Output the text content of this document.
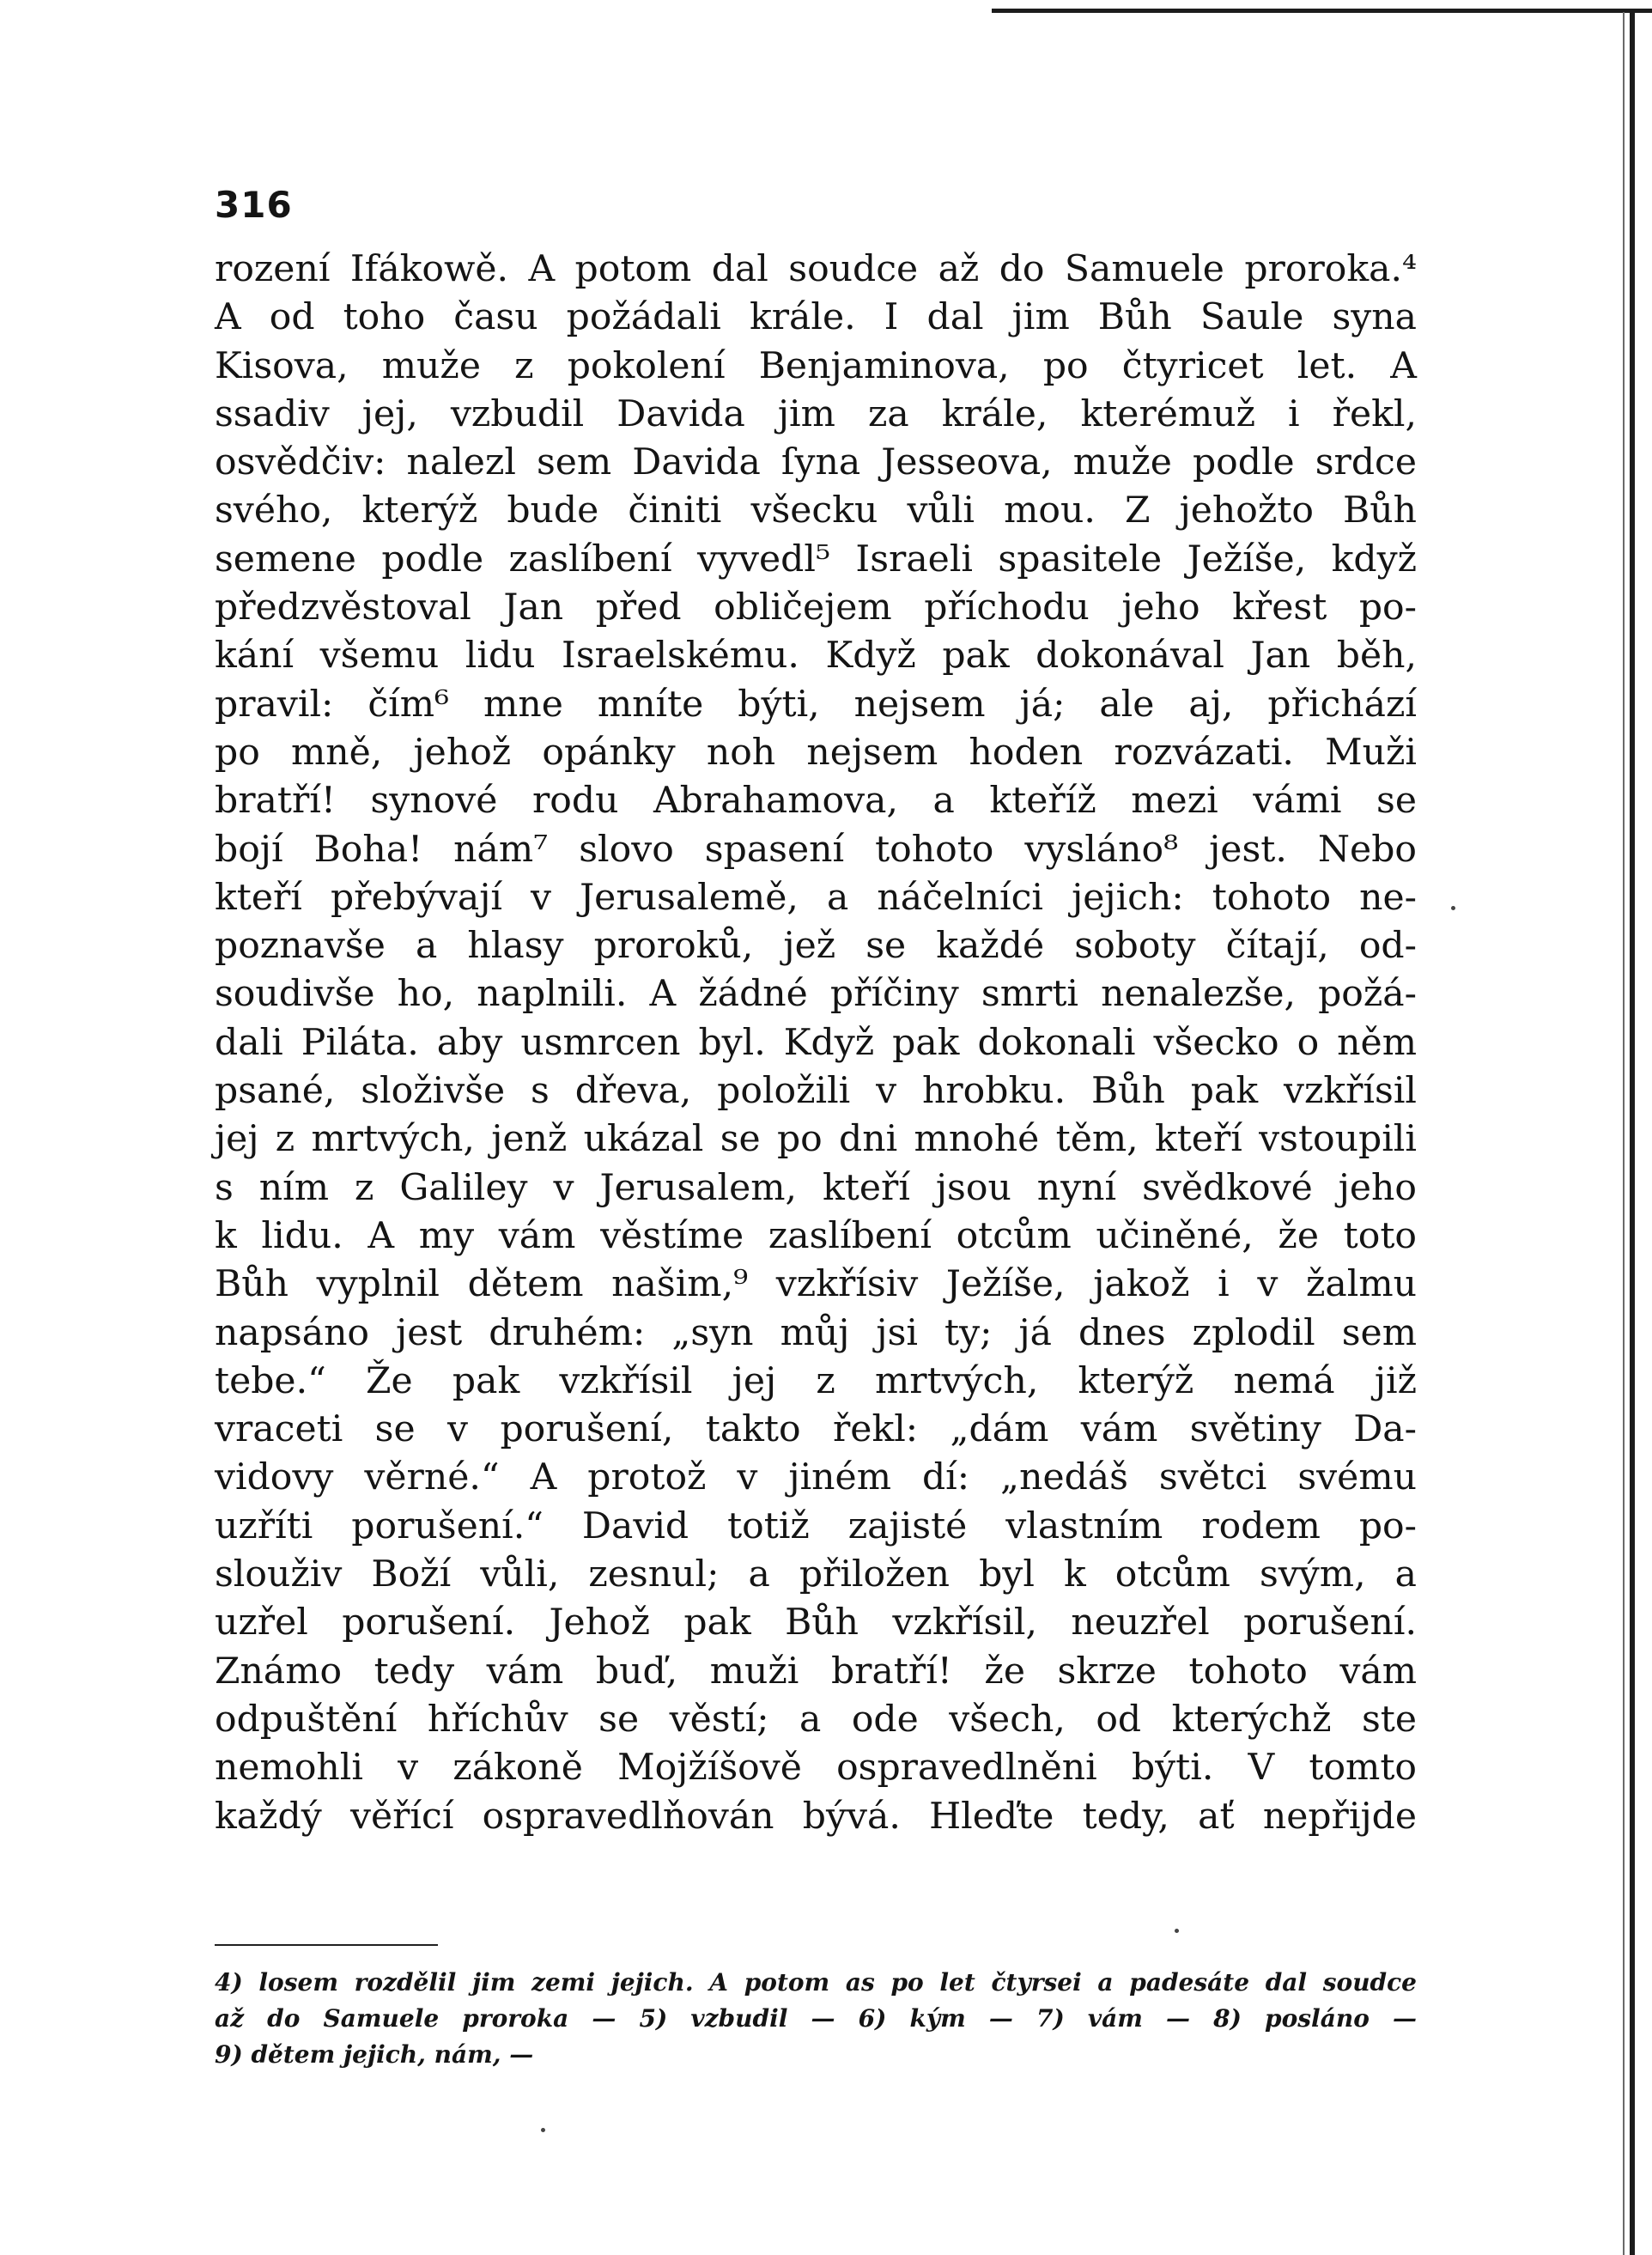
316
rození Ifákowě. A potom dal soudce až do Samuele proroka.⁴
A od toho času požádali krále. I dal jim Bůh Saule syna
Kisova, muže z pokolení Benjaminova, po čtyricet let. A
ssadiv jej, vzbudil Davida jim za krále, kterémuž i řekl,
osvědčiv: nalezl sem Davida ſyna Jesseova, muže podle srdce
svého, kterýž bude činiti všecku vůli mou. Z jehožto Bůh
semene podle zaslíbení vyvedl⁵ Israeli spasitele Ježíše, když
předzvěstoval Jan před obličejem příchodu jeho křest po-
kání všemu lidu Israelskému. Když pak dokonával Jan běh,
pravil: čím⁶ mne mníte býti, nejsem já; ale aj, přichází
po mně, jehož opánky noh nejsem hoden rozvázati. Muži
bratří! synové rodu Abrahamova, a kteříž mezi vámi se
bojí Boha! nám⁷ slovo spasení tohoto vysláno⁸ jest. Nebo
kteří přebývají v Jerusalemě, a náčelníci jejich: tohoto ne-
poznavše a hlasy proroků, jež se každé soboty čítají, od-
soudivše ho, naplnili. A žádné příčiny smrti nenalezše, požá-
dali Piláta. aby usmrcen byl. Když pak dokonali všecko o něm
psané, složivše s dřeva, položili v hrobku. Bůh pak vzkřísil
jej z mrtvých, jenž ukázal se po dni mnohé těm, kteří vstoupili
s ním z Galiley v Jerusalem, kteří jsou nyní svědkové jeho
k lidu. A my vám věstíme zaslíbení otcům učiněné, že toto
Bůh vyplnil dětem našim,⁹ vzkřísiv Ježíše, jakož i v žalmu
napsáno jest druhém: „syn můj jsi ty; já dnes zplodil sem
tebe.“ Že pak vzkřísil jej z mrtvých, kterýž nemá již
vraceti se v porušení, takto řekl: „dám vám světiny Da-
vidovy věrné.“ A protož v jiném dí: „nedáš světci svému
uzříti porušení.“ David totiž zajisté vlastním rodem po-
slouživ Boží vůli, zesnul; a přiložen byl k otcům svým, a
uzřel porušení. Jehož pak Bůh vzkřísil, neuzřel porušení.
Známo tedy vám buď, muži bratří! že skrze tohoto vám
odpuštění hříchův se věstí; a ode všech, od kterýchž ste
nemohli v zákoně Mojžíšově ospravedlněni býti. V tomto
každý věřící ospravedlňován bývá. Hleďte tedy, ať nepřijde
4) losem rozdělil jim zemi jejich. A potom as po let čtyrsei a padesáte dal soudce
až do Samuele proroka — 5) vzbudil — 6) kým — 7) vám — 8) posláno —
9) dětem jejich, nám, —
